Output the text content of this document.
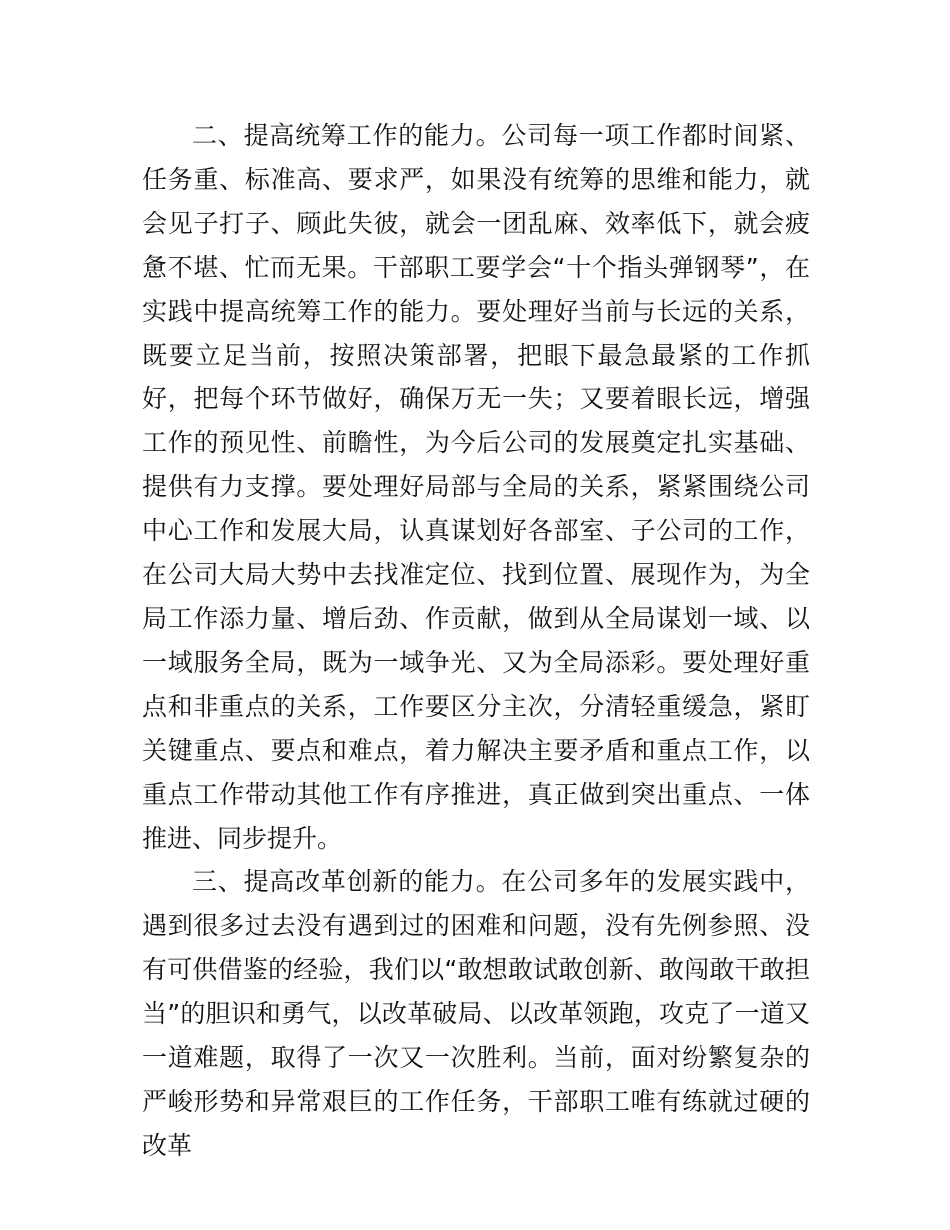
二、提高统筹工作的能力。公司每一项工作都时间紧、任务重、标准高、要求严，如果没有统筹的思维和能力，就会见子打子、顾此失彼，就会一团乱麻、效率低下，就会疲惫不堪、忙而无果。干部职工要学会“十个指头弹钢琴”，在实践中提高统筹工作的能力。要处理好当前与长远的关系，既要立足当前，按照决策部署，把眼下最急最紧的工作抓好，把每个环节做好，确保万无一失；又要着眼长远，增强工作的预见性、前瞻性，为今后公司的发展奠定扎实基础、提供有力支撑。要处理好局部与全局的关系，紧紧围绕公司中心工作和发展大局，认真谋划好各部室、子公司的工作，在公司大局大势中去找准定位、找到位置、展现作为，为全局工作添力量、增后劲、作贡献，做到从全局谋划一域、以一域服务全局，既为一域争光、又为全局添彩。要处理好重点和非重点的关系，工作要区分主次，分清轻重缓急，紧盯关键重点、要点和难点，着力解决主要矛盾和重点工作，以重点工作带动其他工作有序推进，真正做到突出重点、一体推进、同步提升。

三、提高改革创新的能力。在公司多年的发展实践中，遇到很多过去没有遇到过的困难和问题，没有先例参照、没有可供借鉴的经验，我们以“敢想敢试敢创新、敢闯敢干敢担当”的胆识和勇气，以改革破局、以改革领跑，攻克了一道又一道难题，取得了一次又一次胜利。当前，面对纷繁复杂的严峻形势和异常艰巨的工作任务，干部职工唯有练就过硬的改革
